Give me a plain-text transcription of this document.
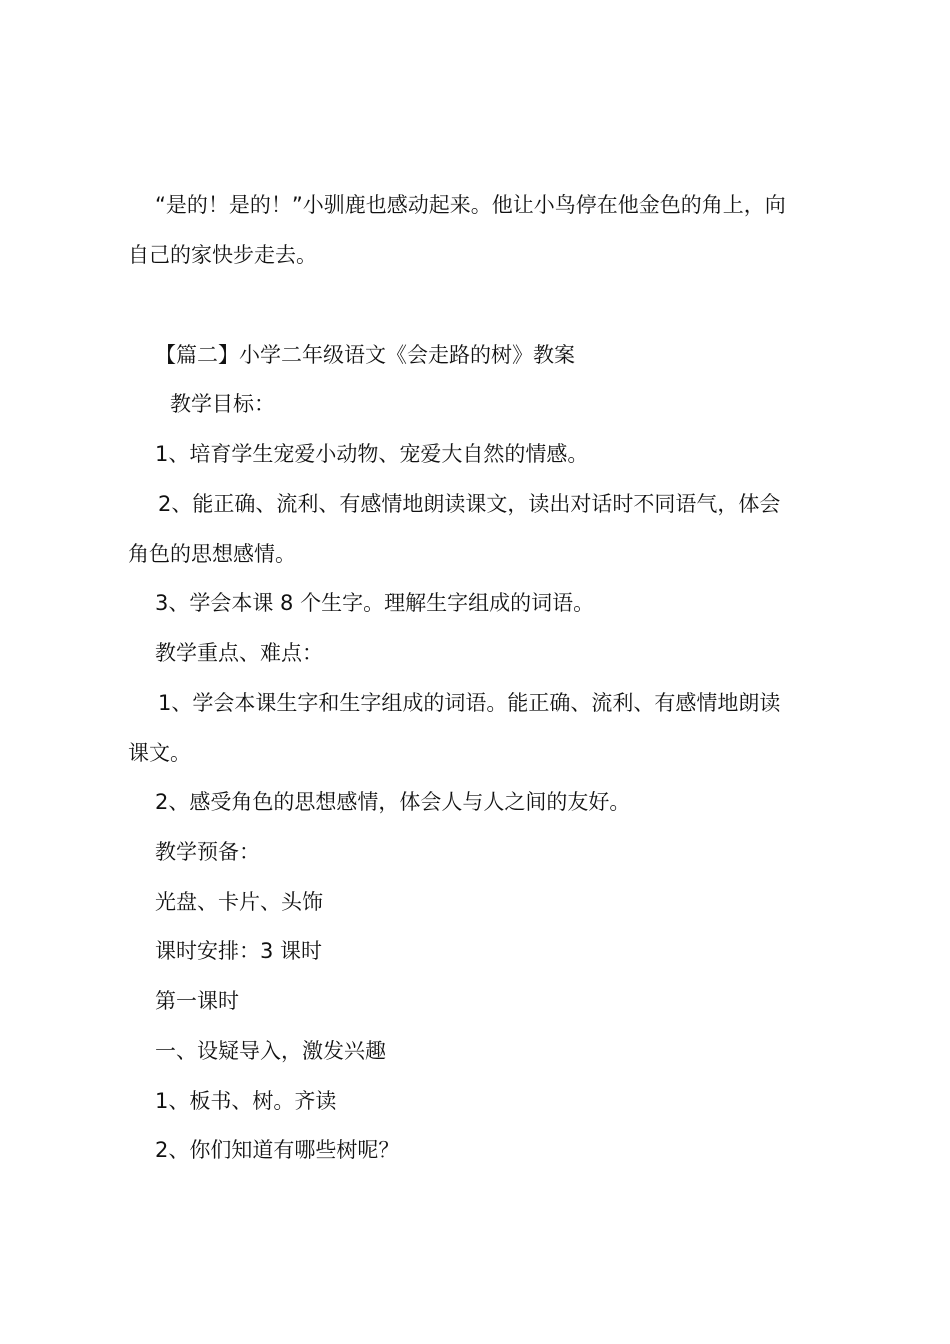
“是的！是的！”小驯鹿也感动起来。他让小鸟停在他金色的角上，向
自己的家快步走去。
【篇二】小学二年级语文《会走路的树》教案
教学目标：
1、培育学生宠爱小动物、宠爱大自然的情感。
2、能正确、流利、有感情地朗读课文，读出对话时不同语气，体会
角色的思想感情。
3、学会本课 8 个生字。理解生字组成的词语。
教学重点、难点：
1、学会本课生字和生字组成的词语。能正确、流利、有感情地朗读
课文。
2、感受角色的思想感情，体会人与人之间的友好。
教学预备：
光盘、卡片、头饰
课时安排：3 课时
第一课时
一、设疑导入，激发兴趣
1、板书、树。齐读
2、你们知道有哪些树呢？
